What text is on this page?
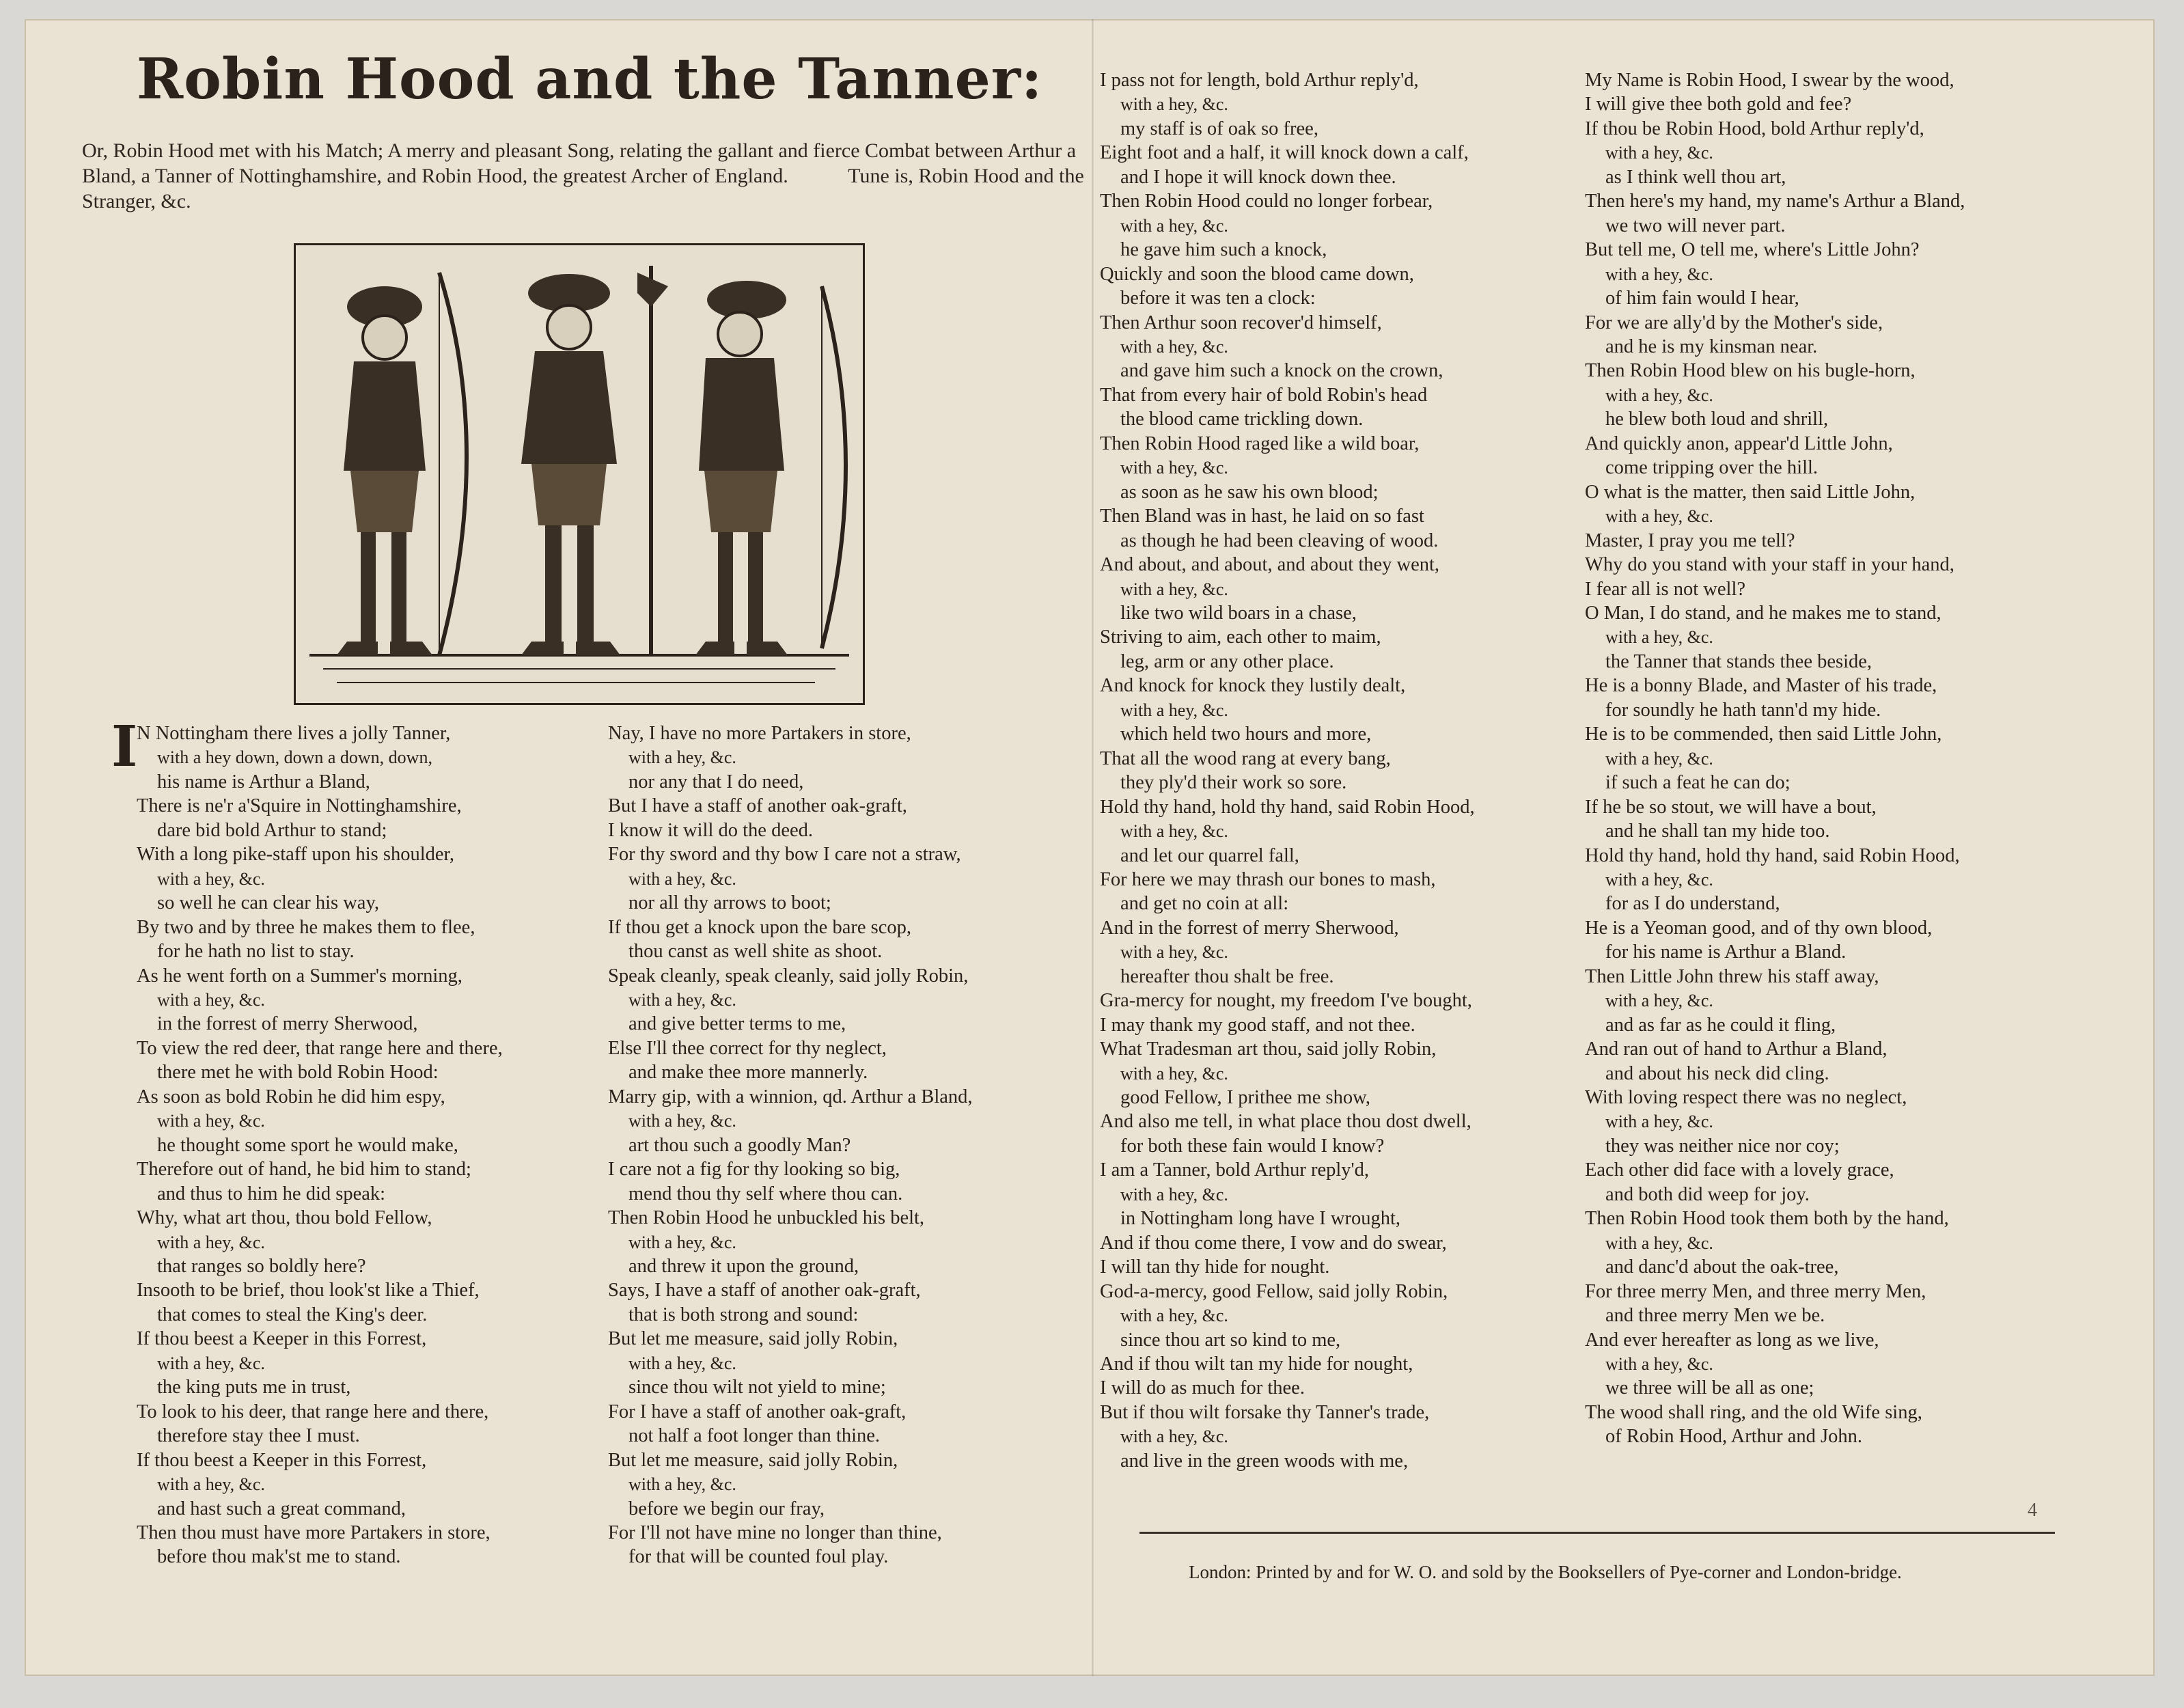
Robin Hood and the Tanner:
Or, Robin Hood met with his Match; A merry and pleasant Song, relating the gallant and fierce Combat between Arthur a Bland, a Tanner of Nottinghamshire, and Robin Hood, the greatest Archer of England.	Tune is, Robin Hood and the Stranger, &c.
I
N Nottingham there lives a jolly Tanner,
with a hey down, down a down, down,
his name is Arthur a Bland,
There is ne'r a'Squire in Nottinghamshire,
dare bid bold Arthur to stand;
With a long pike-staff upon his shoulder,
with a hey, &c.
so well he can clear his way,
By two and by three he makes them to flee,
for he hath no list to stay.
As he went forth on a Summer's morning,
with a hey, &c.
in the forrest of merry Sherwood,
To view the red deer, that range here and there,
there met he with bold Robin Hood:
As soon as bold Robin he did him espy,
with a hey, &c.
he thought some sport he would make,
Therefore out of hand, he bid him to stand;
and thus to him he did speak:
Why, what art thou, thou bold Fellow,
with a hey, &c.
that ranges so boldly here?
Insooth to be brief, thou look'st like a Thief,
that comes to steal the King's deer.
If thou beest a Keeper in this Forrest,
with a hey, &c.
the king puts me in trust,
To look to his deer, that range here and there,
therefore stay thee I must.
If thou beest a Keeper in this Forrest,
with a hey, &c.
and hast such a great command,
Then thou must have more Partakers in store,
before thou mak'st me to stand.
Nay, I have no more Partakers in store,
with a hey, &c.
nor any that I do need,
But I have a staff of another oak-graft,
I know it will do the deed.
For thy sword and thy bow I care not a straw,
with a hey, &c.
nor all thy arrows to boot;
If thou get a knock upon the bare scop,
thou canst as well shite as shoot.
Speak cleanly, speak cleanly, said jolly Robin,
with a hey, &c.
and give better terms to me,
Else I'll thee correct for thy neglect,
and make thee more mannerly.
Marry gip, with a winnion, qd. Arthur a Bland,
with a hey, &c.
art thou such a goodly Man?
I care not a fig for thy looking so big,
mend thou thy self where thou can.
Then Robin Hood he unbuckled his belt,
with a hey, &c.
and threw it upon the ground,
Says, I have a staff of another oak-graft,
that is both strong and sound:
But let me measure, said jolly Robin,
with a hey, &c.
since thou wilt not yield to mine;
For I have a staff of another oak-graft,
not half a foot longer than thine.
But let me measure, said jolly Robin,
with a hey, &c.
before we begin our fray,
For I'll not have mine no longer than thine,
for that will be counted foul play.
I pass not for length, bold Arthur reply'd,
with a hey, &c.
my staff is of oak so free,
Eight foot and a half, it will knock down a calf,
and I hope it will knock down thee.
Then Robin Hood could no longer forbear,
with a hey, &c.
he gave him such a knock,
Quickly and soon the blood came down,
before it was ten a clock:
Then Arthur soon recover'd himself,
with a hey, &c.
and gave him such a knock on the crown,
That from every hair of bold Robin's head
the blood came trickling down.
Then Robin Hood raged like a wild boar,
with a hey, &c.
as soon as he saw his own blood;
Then Bland was in hast, he laid on so fast
as though he had been cleaving of wood.
And about, and about, and about they went,
with a hey, &c.
like two wild boars in a chase,
Striving to aim, each other to maim,
leg, arm or any other place.
And knock for knock they lustily dealt,
with a hey, &c.
which held two hours and more,
That all the wood rang at every bang,
they ply'd their work so sore.
Hold thy hand, hold thy hand, said Robin Hood,
with a hey, &c.
and let our quarrel fall,
For here we may thrash our bones to mash,
and get no coin at all:
And in the forrest of merry Sherwood,
with a hey, &c.
hereafter thou shalt be free.
Gra-mercy for nought, my freedom I've bought,
I may thank my good staff, and not thee.
What Tradesman art thou, said jolly Robin,
with a hey, &c.
good Fellow, I prithee me show,
And also me tell, in what place thou dost dwell,
for both these fain would I know?
I am a Tanner, bold Arthur reply'd,
with a hey, &c.
in Nottingham long have I wrought,
And if thou come there, I vow and do swear,
I will tan thy hide for nought.
God-a-mercy, good Fellow, said jolly Robin,
with a hey, &c.
since thou art so kind to me,
And if thou wilt tan my hide for nought,
I will do as much for thee.
But if thou wilt forsake thy Tanner's trade,
with a hey, &c.
and live in the green woods with me,
My Name is Robin Hood, I swear by the wood,
I will give thee both gold and fee?
If thou be Robin Hood, bold Arthur reply'd,
with a hey, &c.
as I think well thou art,
Then here's my hand, my name's Arthur a Bland,
we two will never part.
But tell me, O tell me, where's Little John?
with a hey, &c.
of him fain would I hear,
For we are ally'd by the Mother's side,
and he is my kinsman near.
Then Robin Hood blew on his bugle-horn,
with a hey, &c.
he blew both loud and shrill,
And quickly anon, appear'd Little John,
come tripping over the hill.
O what is the matter, then said Little John,
with a hey, &c.
Master, I pray you me tell?
Why do you stand with your staff in your hand,
I fear all is not well?
O Man, I do stand, and he makes me to stand,
with a hey, &c.
the Tanner that stands thee beside,
He is a bonny Blade, and Master of his trade,
for soundly he hath tann'd my hide.
He is to be commended, then said Little John,
with a hey, &c.
if such a feat he can do;
If he be so stout, we will have a bout,
and he shall tan my hide too.
Hold thy hand, hold thy hand, said Robin Hood,
with a hey, &c.
for as I do understand,
He is a Yeoman good, and of thy own blood,
for his name is Arthur a Bland.
Then Little John threw his staff away,
with a hey, &c.
and as far as he could it fling,
And ran out of hand to Arthur a Bland,
and about his neck did cling.
With loving respect there was no neglect,
with a hey, &c.
they was neither nice nor coy;
Each other did face with a lovely grace,
and both did weep for joy.
Then Robin Hood took them both by the hand,
with a hey, &c.
and danc'd about the oak-tree,
For three merry Men, and three merry Men,
and three merry Men we be.
And ever hereafter as long as we live,
with a hey, &c.
we three will be all as one;
The wood shall ring, and the old Wife sing,
of Robin Hood, Arthur and John.
4
London: Printed by and for W. O. and sold by the Booksellers of Pye-corner and London-bridge.
